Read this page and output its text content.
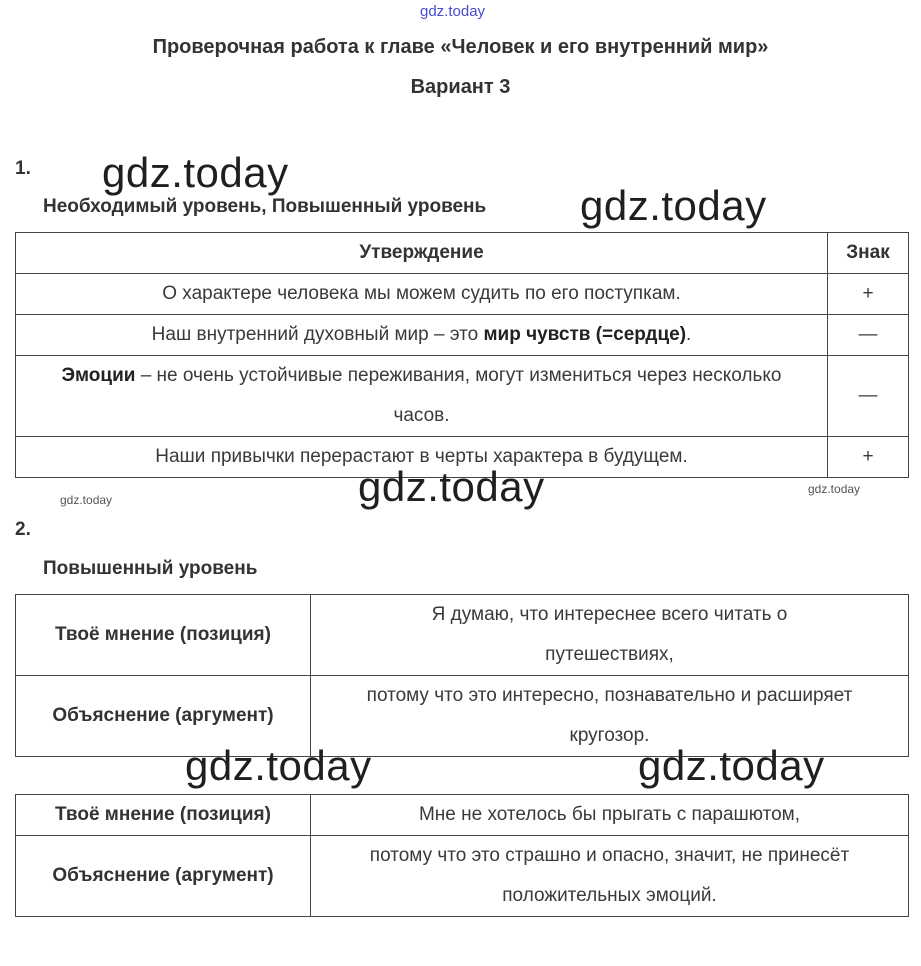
gdz.today
Проверочная работа к главе «Человек и его внутренний мир»
Вариант 3
1. gdz.today
Необходимый уровень, Повышенный уровень gdz.today
Утверждение	Знак
О характере человека мы можем судить по его поступкам.	+
Наш внутренний духовный мир – это мир чувств (=сердце).	—
Эмоции – не очень устойчивые переживания, могут измениться через несколько часов.	—
Наши привычки перерастают в черты характера в будущем.	+
gdz.today	gdz.today	gdz.today
2.
Повышенный уровень
Твоё мнение (позиция)	Я думаю, что интереснее всего читать о путешествиях,
Объяснение (аргумент)	потому что это интересно, познавательно и расширяет кругозор.
gdz.today	gdz.today
Твоё мнение (позиция)	Мне не хотелось бы прыгать с парашютом,
Объяснение (аргумент)	потому что это страшно и опасно, значит, не принесёт положительных эмоций.
